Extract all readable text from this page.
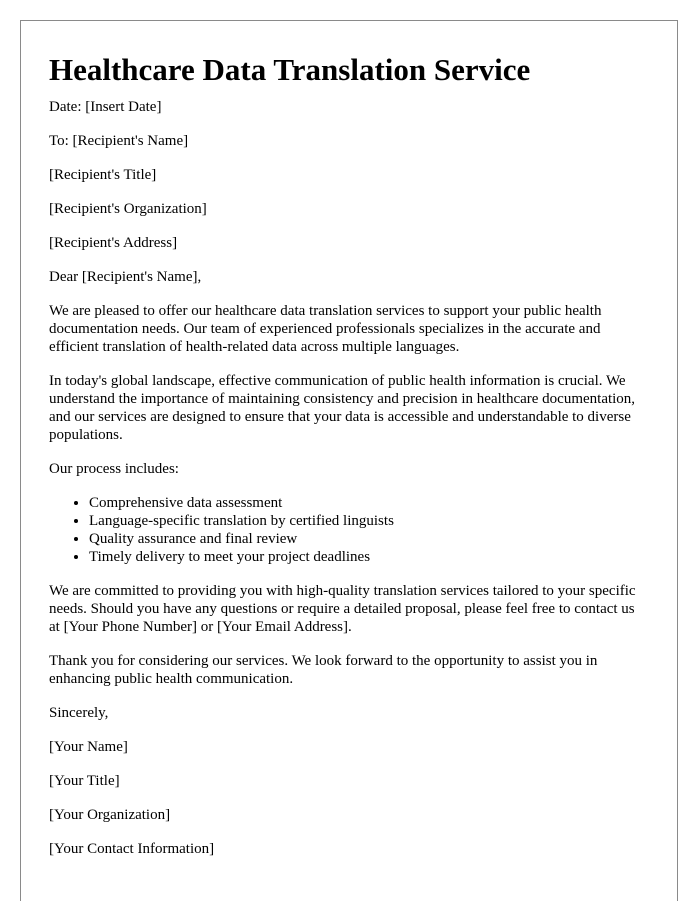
Healthcare Data Translation Service

Date: [Insert Date]

To: [Recipient's Name]

[Recipient's Title]

[Recipient's Organization]

[Recipient's Address]

Dear [Recipient's Name],

We are pleased to offer our healthcare data translation services to support your public health documentation needs. Our team of experienced professionals specializes in the accurate and efficient translation of health-related data across multiple languages.

In today's global landscape, effective communication of public health information is crucial. We understand the importance of maintaining consistency and precision in healthcare documentation, and our services are designed to ensure that your data is accessible and understandable to diverse populations.

Our process includes:

• Comprehensive data assessment
• Language-specific translation by certified linguists
• Quality assurance and final review
• Timely delivery to meet your project deadlines

We are committed to providing you with high-quality translation services tailored to your specific needs. Should you have any questions or require a detailed proposal, please feel free to contact us at [Your Phone Number] or [Your Email Address].

Thank you for considering our services. We look forward to the opportunity to assist you in enhancing public health communication.

Sincerely,

[Your Name]

[Your Title]

[Your Organization]

[Your Contact Information]
